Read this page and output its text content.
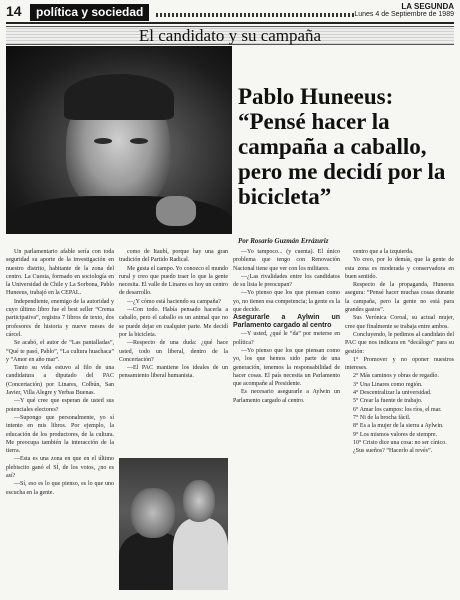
14	política y sociedad	LA SEGUNDA
Lunes 4 de Septiembre de 1989
El candidato y su campaña
Pablo Huneeus: “Pensé hacer la campaña a caballo, pero me decidí por la bicicleta”
Por Rosario Guzmán Errázuriz

Un parlamentario afable sería con toda seguridad su aporte de la investigación en nuestro distrito, habitante de la zona del centro. La Cuesta, formado en sociología en la Universidad de Chile y La Sorbona, Pablo Huneeus, trabajó en la CEPAL.

Independiente, enemigo de la autoridad y cuyo último libro fue el best seller “Crema participativa”, registra 7 libros de texto, dos profesores de historia y nueve meses de cárcel.

Se acabó, el autor de “Las pantalladas”, “Qué te pasó, Pablo”, “La cultura huachaca” y “Amor en año mar”.

Tanto su vida estuvo al filo de una candidatura a diputado del PAC (Concertación) por Linares, Colbún, San Javier, Villa Alegre y Yerbas Buenas.

—Y qué cree que esperan de usted sus potenciales electores?

—Supongo que personalmente, yo sí intento en mis libros. Por ejemplo, la educación de los productores, de la cultura. Me preocupa también la interacción de la tierra.

—Esta es una zona en que en el último plebiscito ganó el SÍ, de los votos, ¿no es así?

—Sí, eso es lo que pienso, es lo que uno escucha en la gente.

como de Itaubí, porque hay una gran tradición del Partido Radical.

Me gusta el campo. Yo conozco el mundo rural y creo que puedo traer lo que la gente necesita. El valle de Linares es hoy un centro de desarrollo.

—¿Y cómo está haciendo su campaña?

—Con todo. Había pensado hacerla a caballo, pero el caballo es un animal que no se puede dejar en cualquier parte. Me decidí por la bicicleta.

—Respecto de una duda: ¿qué hace usted, todo un liberal, dentro de la Concertación?

—El PAC mantiene los ideales de un pensamiento liberal humanista.

—Yo tampoco... (y cuenta). El único problema que tengo con Renovación Nacional tiene que ver con los militares.

—¿Las rivalidades entre los candidatos de su lista le preocupan?

—Yo pienso que los que piensan como yo, no tienen esa competencia; la gente es la que decide.

Asegurarle a Aylwin un Parlamento cargado al centro

—Y usted, ¿qué le “da” por meterse en política?

—Yo pienso que los que piensan como yo, los que hemos sido parte de una generación, tenemos la responsabilidad de hacer cosas. El país necesita un Parlamento que acompañe al Presidente.

Es necesario asegurarle a Aylwin un Parlamento cargado al centro.

centro que a la izquierda.

Yo creo, por lo demás, que la gente de esta zona es moderada y conservadora en buen sentido.

Respecto de la propaganda, Huneeus asegura: “Pensé hacer muchas cosas durante la campaña, pero la gente no está para grandes gastos”.

Sus Verónica Coroal, su actual mujer, cree que finalmente se trabaja entre ambos.

Concluyendo, le pedimos al candidato del PAC que nos indicara en “decálogo” para su gestión:

1° Promover y no oponer nuestros intereses.

2° Más caminos y obras de regadío.

3° Una Linares como región.

4° Descentralizar la universidad.

5° Crear la fuente de trabajo.

6° Amar los campos: los ríos, el mar.

7° Ni de la brocha fácil.

8° Es a la mujer de la sierra a Aylwin.

9° Los mismos valores de siempre.

10° Cristo dice una cosa: no ser cínico.

¿Sus sueños? “Hacerlo al revés”.
